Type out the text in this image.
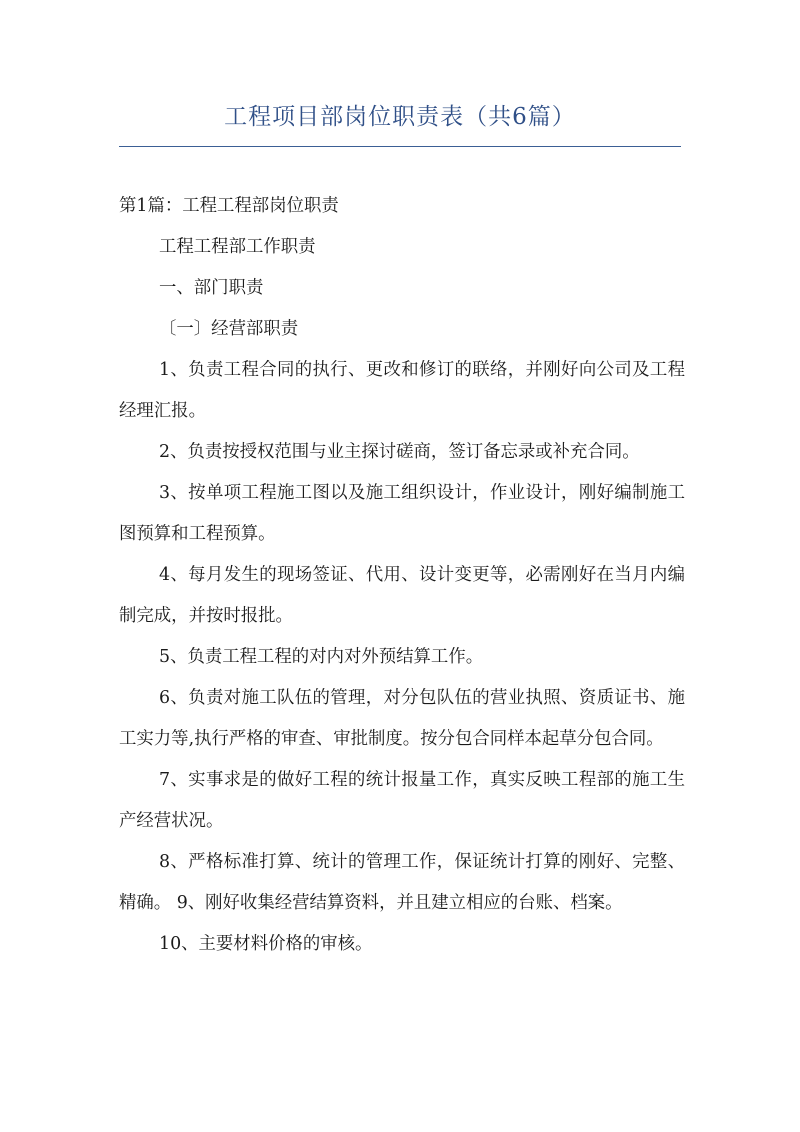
工程项目部岗位职责表（共6篇）

第1篇：工程工程部岗位职责

工程工程部工作职责

一、部门职责

〔一〕经营部职责

1、负责工程合同的执行、更改和修订的联络，并刚好向公司及工程经理汇报。

2、负责按授权范围与业主探讨磋商，签订备忘录或补充合同。

3、按单项工程施工图以及施工组织设计，作业设计，刚好编制施工图预算和工程预算。

4、每月发生的现场签证、代用、设计变更等，必需刚好在当月内编制完成，并按时报批。

5、负责工程工程的对内对外预结算工作。

6、负责对施工队伍的管理，对分包队伍的营业执照、资质证书、施工实力等,执行严格的审查、审批制度。按分包合同样本起草分包合同。

7、实事求是的做好工程的统计报量工作，真实反映工程部的施工生产经营状况。

8、严格标准打算、统计的管理工作，保证统计打算的刚好、完整、精确。 9、刚好收集经营结算资料，并且建立相应的台账、档案。

10、主要材料价格的审核。
